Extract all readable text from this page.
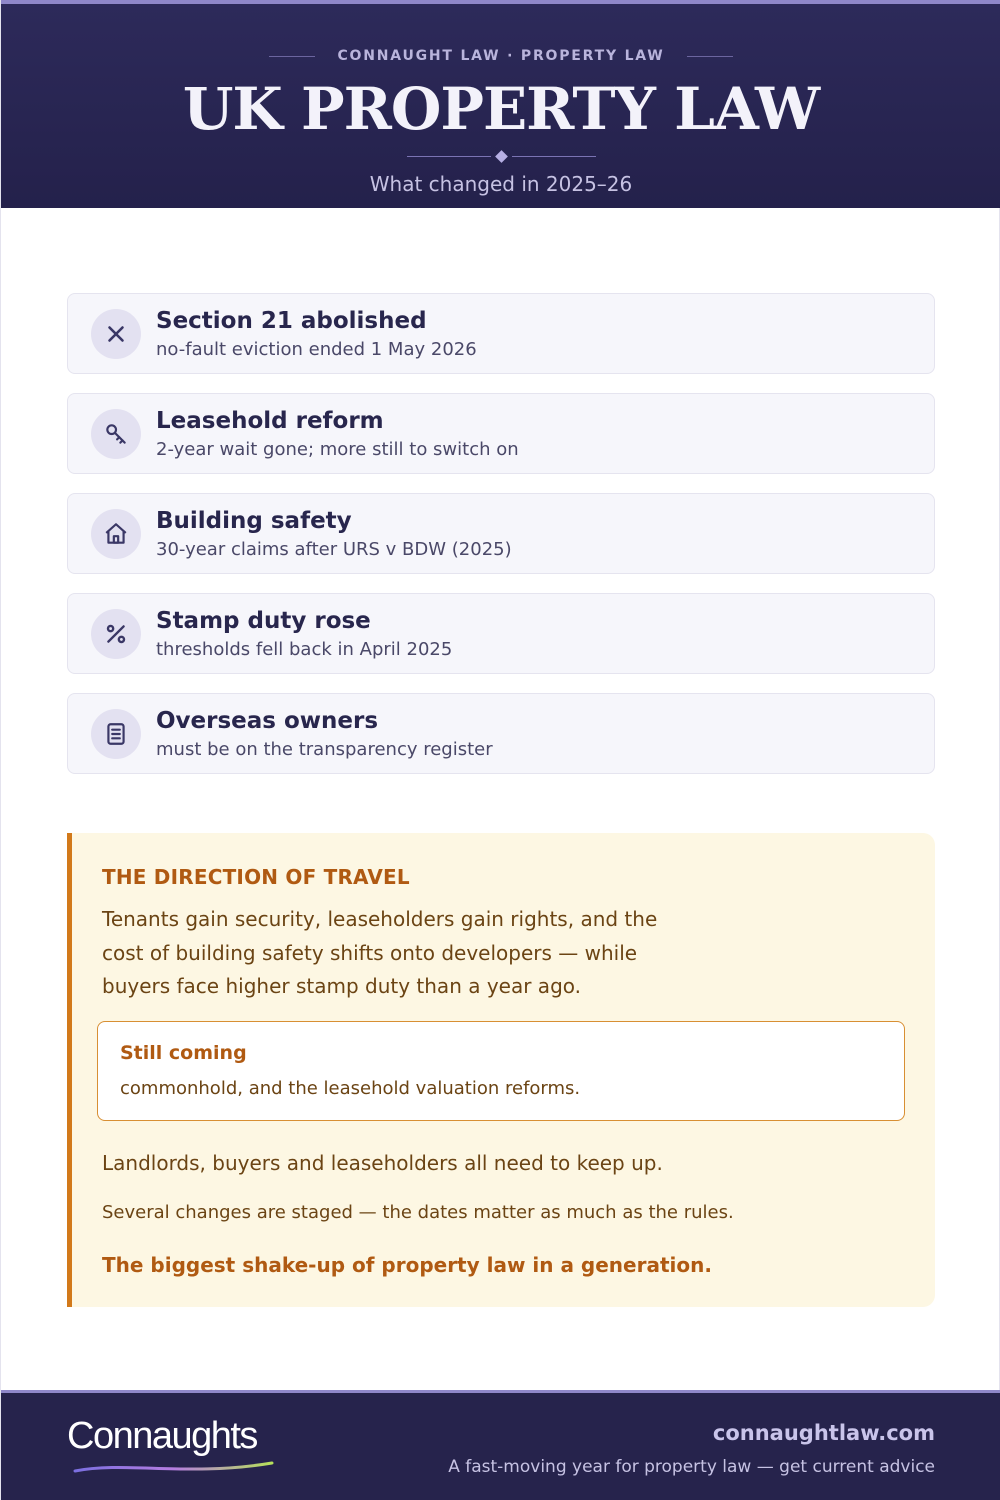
CONNAUGHT LAW · PROPERTY LAW
UK PROPERTY LAW
What changed in 2025–26
Section 21 abolished
no-fault eviction ended 1 May 2026
Leasehold reform
2-year wait gone; more still to switch on
Building safety
30-year claims after URS v BDW (2025)
Stamp duty rose
thresholds fell back in April 2025
Overseas owners
must be on the transparency register
THE DIRECTION OF TRAVEL
Tenants gain security, leaseholders gain rights, and the cost of building safety shifts onto developers — while buyers face higher stamp duty than a year ago.
Still coming
commonhold, and the leasehold valuation reforms.
Landlords, buyers and leaseholders all need to keep up.
Several changes are staged — the dates matter as much as the rules.
The biggest shake-up of property law in a generation.
Connaughts	connaughtlaw.com
A fast-moving year for property law — get current advice
